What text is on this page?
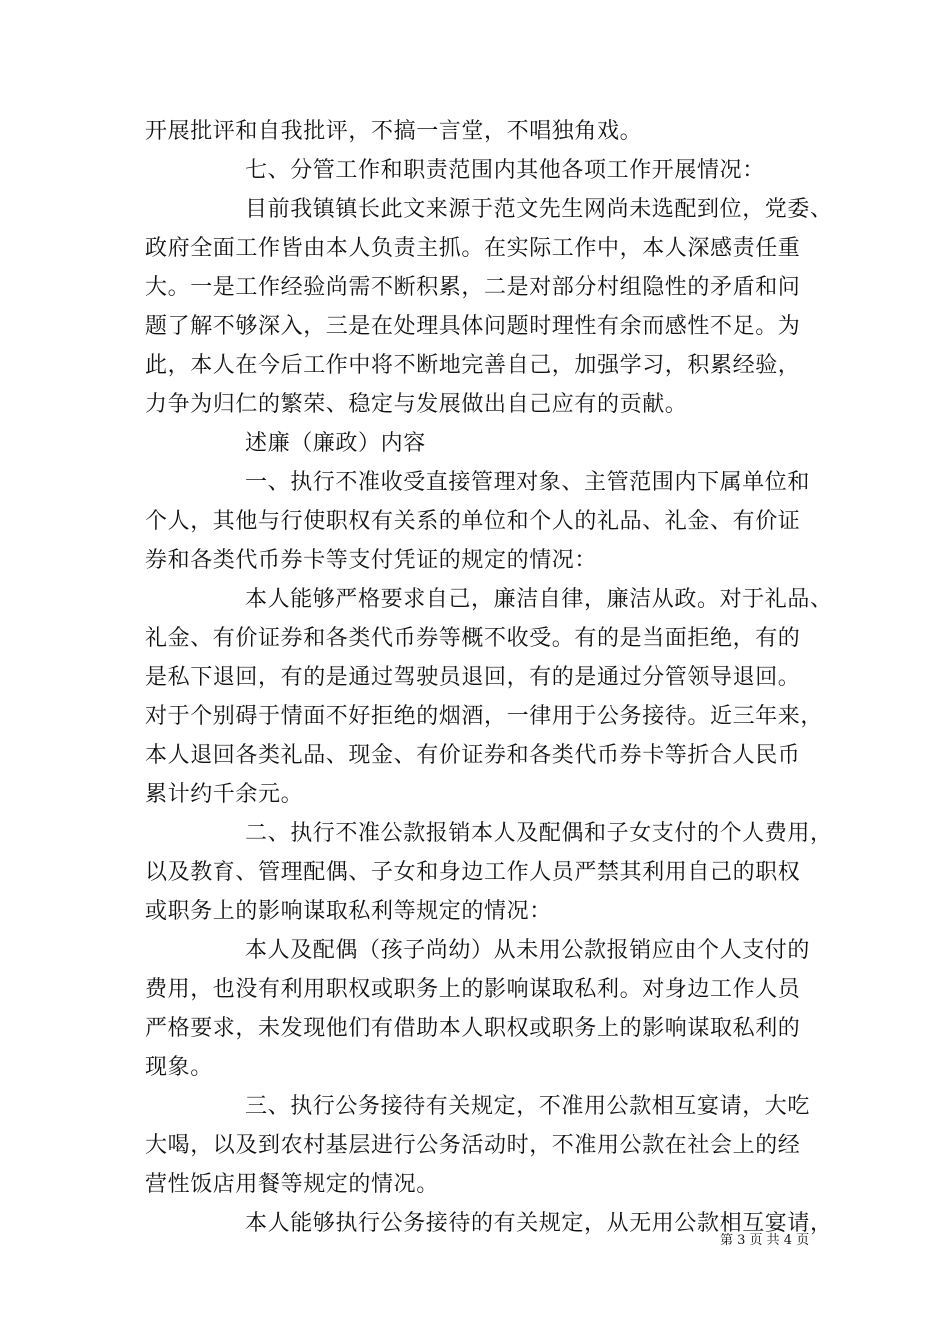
开展批评和自我批评，不搞一言堂，不唱独角戏。
七、分管工作和职责范围内其他各项工作开展情况：
目前我镇镇长此文来源于范文先生网尚未选配到位，党委、
政府全面工作皆由本人负责主抓。在实际工作中，本人深感责任重
大。一是工作经验尚需不断积累，二是对部分村组隐性的矛盾和问
题了解不够深入，三是在处理具体问题时理性有余而感性不足。为
此，本人在今后工作中将不断地完善自己，加强学习，积累经验，
力争为归仁的繁荣、稳定与发展做出自己应有的贡献。
述廉（廉政）内容
一、执行不准收受直接管理对象、主管范围内下属单位和
个人，其他与行使职权有关系的单位和个人的礼品、礼金、有价证
券和各类代币券卡等支付凭证的规定的情况：
本人能够严格要求自己，廉洁自律，廉洁从政。对于礼品、
礼金、有价证券和各类代币券等概不收受。有的是当面拒绝，有的
是私下退回，有的是通过驾驶员退回，有的是通过分管领导退回。
对于个别碍于情面不好拒绝的烟酒，一律用于公务接待。近三年来，
本人退回各类礼品、现金、有价证券和各类代币券卡等折合人民币
累计约千余元。
二、执行不准公款报销本人及配偶和子女支付的个人费用，
以及教育、管理配偶、子女和身边工作人员严禁其利用自己的职权
或职务上的影响谋取私利等规定的情况：
本人及配偶（孩子尚幼）从未用公款报销应由个人支付的
费用，也没有利用职权或职务上的影响谋取私利。对身边工作人员
严格要求，未发现他们有借助本人职权或职务上的影响谋取私利的
现象。
三、执行公务接待有关规定，不准用公款相互宴请，大吃
大喝，以及到农村基层进行公务活动时，不准用公款在社会上的经
营性饭店用餐等规定的情况。
本人能够执行公务接待的有关规定，从无用公款相互宴请，
第 3 页 共 4 页
